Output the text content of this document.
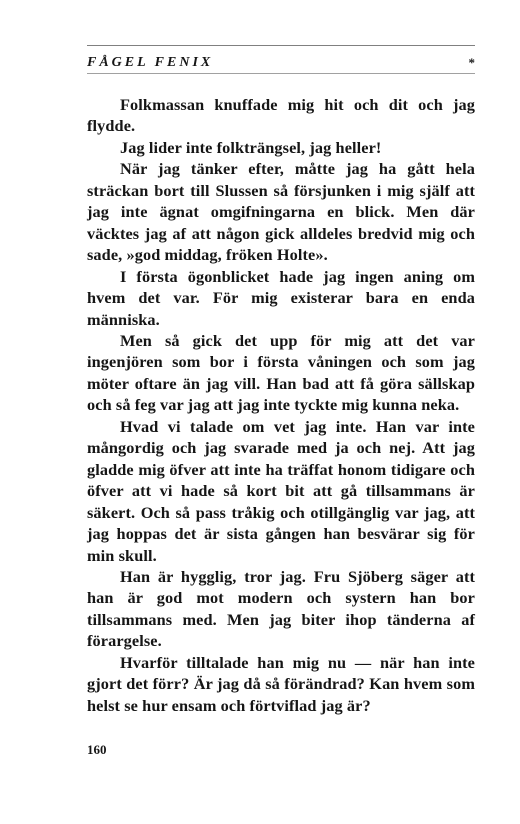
FÅGEL FENIX	*

Folkmassan knuffade mig hit och dit och jag flydde.

Jag lider inte folkträngsel, jag heller!

När jag tänker efter, måtte jag ha gått hela sträckan bort till Slussen så försjunken i mig själf att jag inte ägnat omgifningarna en blick. Men där väcktes jag af att någon gick alldeles bredvid mig och sade, »god middag, fröken Holte».

I första ögonblicket hade jag ingen aning om hvem det var. För mig existerar bara en enda människa.

Men så gick det upp för mig att det var ingenjören som bor i första våningen och som jag möter oftare än jag vill. Han bad att få göra sällskap och så feg var jag att jag inte tyckte mig kunna neka.

Hvad vi talade om vet jag inte. Han var inte mångordig och jag svarade med ja och nej. Att jag gladde mig öfver att inte ha träffat honom tidigare och öfver att vi hade så kort bit att gå tillsammans är säkert. Och så pass tråkig och otillgänglig var jag, att jag hoppas det är sista gången han besvärar sig för min skull.

Han är hygglig, tror jag. Fru Sjöberg säger att han är god mot modern och systern han bor tillsammans med. Men jag biter ihop tänderna af förargelse.

Hvarför tilltalade han mig nu — när han inte gjort det förr? Är jag då så förändrad? Kan hvem som helst se hur ensam och förtviflad jag är?

160
